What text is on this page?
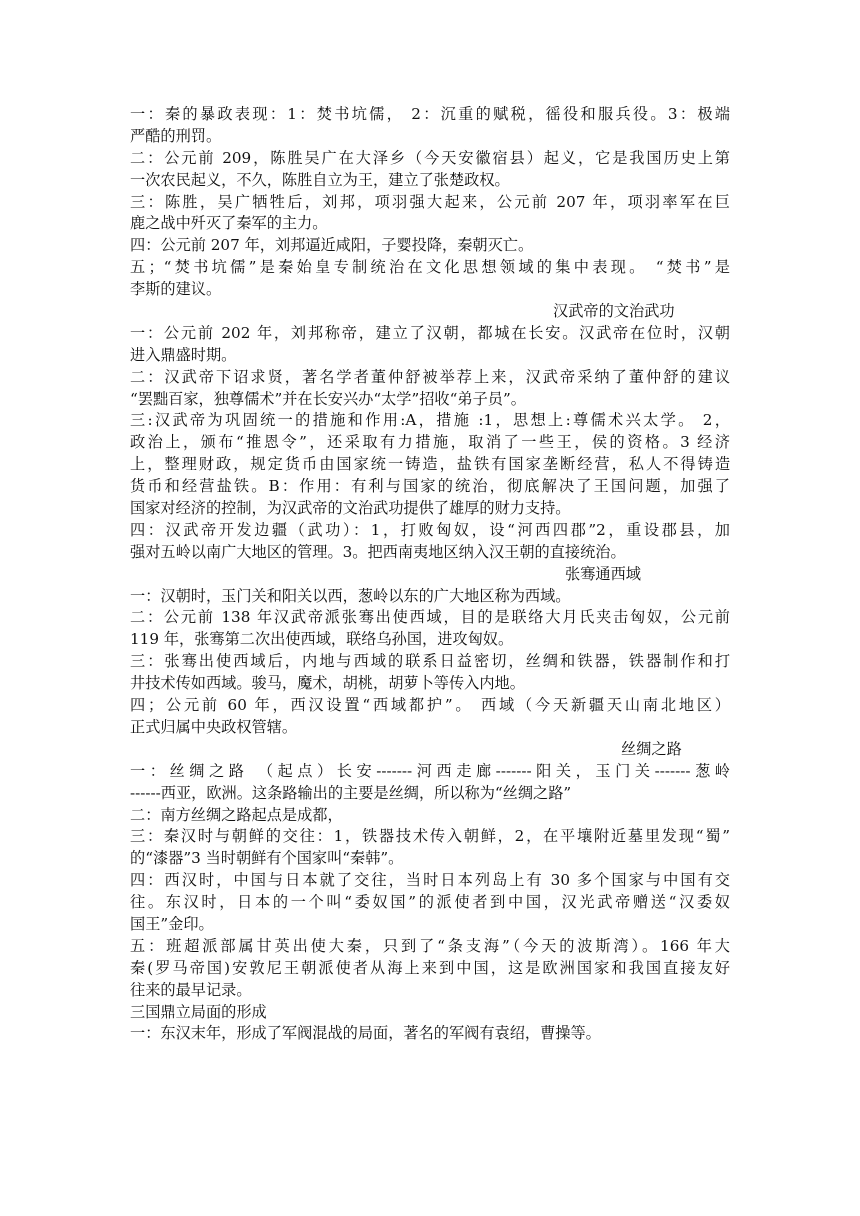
一：秦的暴政表现：1：焚书坑儒， 2：沉重的赋税，徭役和服兵役。3：极端
严酷的刑罚。
二：公元前 209，陈胜吴广在大泽乡（今天安徽宿县）起义，它是我国历史上第
一次农民起义，不久，陈胜自立为王，建立了张楚政权。
三：陈胜，吴广牺牲后，刘邦，项羽强大起来，公元前 207 年，项羽率军在巨
鹿之战中歼灭了秦军的主力。
四：公元前 207 年，刘邦逼近咸阳，子婴投降，秦朝灭亡。
五；“焚书坑儒”是秦始皇专制统治在文化思想领域的集中表现。 “焚书”是
李斯的建议。
汉武帝的文治武功
一：公元前 202 年，刘邦称帝，建立了汉朝，都城在长安。汉武帝在位时，汉朝
进入鼎盛时期。
二：汉武帝下诏求贤，著名学者董仲舒被举荐上来，汉武帝采纳了董仲舒的建议
“罢黜百家，独尊儒术”并在长安兴办“太学”招收“弟子员”。
三:汉武帝为巩固统一的措施和作用:A，措施 :1，思想上:尊儒术兴太学。 2，
政治上，颁布“推恩令”，还采取有力措施，取消了一些王，侯的资格。3 经济
上，整理财政，规定货币由国家统一铸造，盐铁有国家垄断经营，私人不得铸造
货币和经营盐铁。B：作用：有利与国家的统治，彻底解决了王国问题，加强了
国家对经济的控制，为汉武帝的文治武功提供了雄厚的财力支持。
四：汉武帝开发边疆（武功）：1，打败匈奴，设“河西四郡”2，重设郡县，加
强对五岭以南广大地区的管理。3。把西南夷地区纳入汉王朝的直接统治。
张骞通西域
一：汉朝时，玉门关和阳关以西，葱岭以东的广大地区称为西域。
二：公元前 138 年汉武帝派张骞出使西域，目的是联络大月氏夹击匈奴，公元前
119 年，张骞第二次出使西域，联络乌孙国，进攻匈奴。
三：张骞出使西域后，内地与西域的联系日益密切，丝绸和铁器，铁器制作和打
井技术传如西域。骏马，魔术，胡桃，胡萝卜等传入内地。
四；公元前 60 年，西汉设置“西域都护”。 西域（今天新疆天山南北地区）
正式归属中央政权管辖。
丝绸之路
一：丝绸之路 （起点）长安-------河西走廊-------阳关，玉门关-------葱岭
------西亚，欧洲。这条路输出的主要是丝绸，所以称为“丝绸之路”
二：南方丝绸之路起点是成都，
三：秦汉时与朝鲜的交往：1，铁器技术传入朝鲜，2，在平壤附近墓里发现“蜀”
的“漆器”3 当时朝鲜有个国家叫“秦韩”。
四：西汉时，中国与日本就了交往，当时日本列岛上有 30 多个国家与中国有交
往。东汉时，日本的一个叫“委奴国”的派使者到中国，汉光武帝赠送“汉委奴
国王”金印。
五：班超派部属甘英出使大秦，只到了“条支海”（今天的波斯湾）。166 年大
秦(罗马帝国)安敦尼王朝派使者从海上来到中国，这是欧洲国家和我国直接友好
往来的最早记录。
三国鼎立局面的形成
一：东汉末年，形成了军阀混战的局面，著名的军阀有袁绍，曹操等。
